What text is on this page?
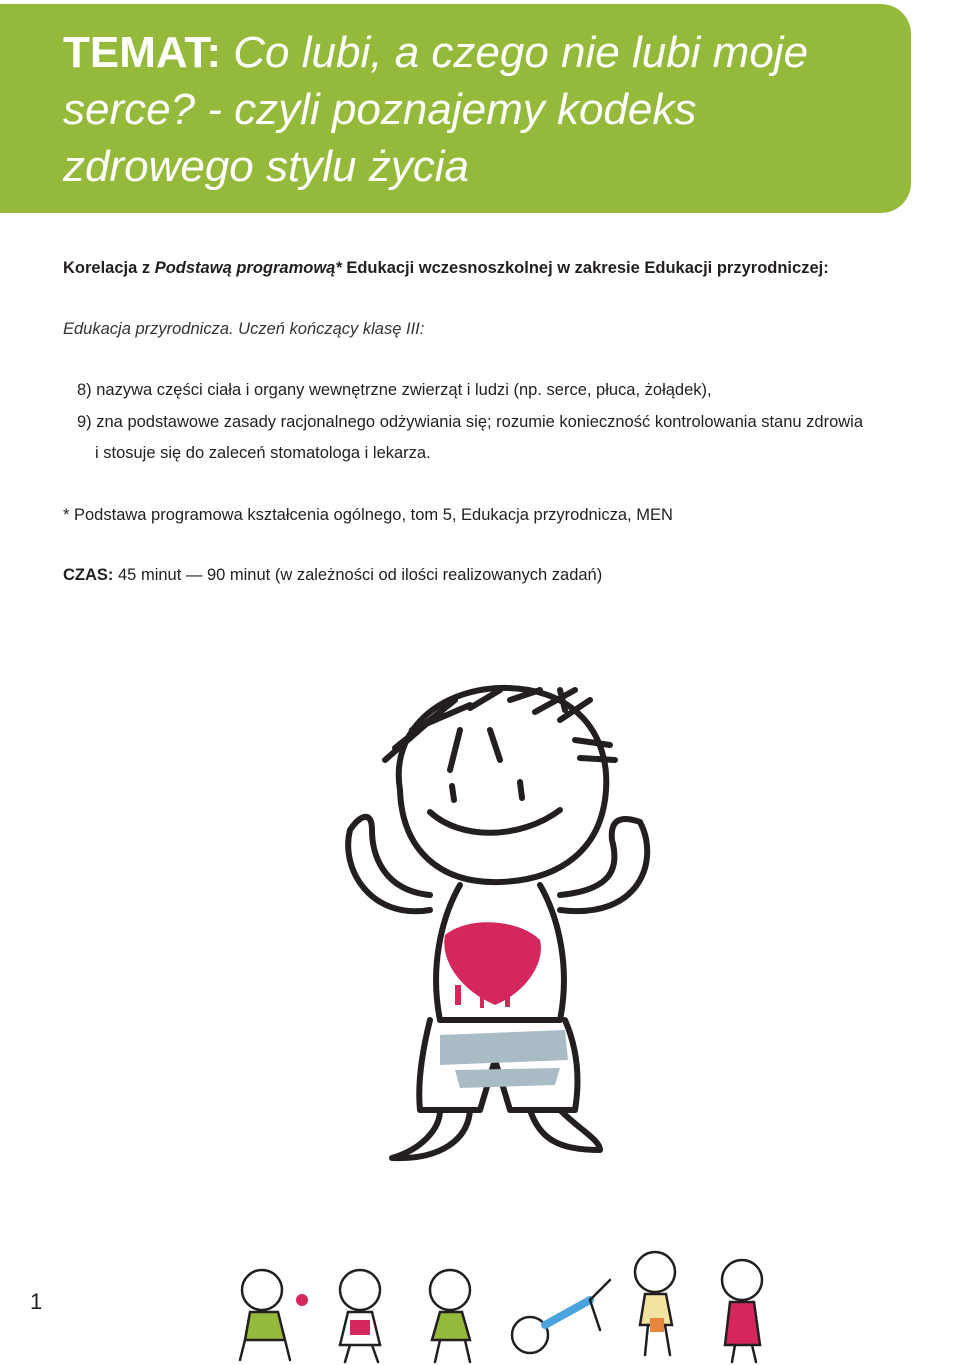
TEMAT: Co lubi, a czego nie lubi moje serce? - czyli poznajemy kodeks zdrowego stylu życia
Korelacja z Podstawą programową* Edukacji wczesnoszkolnej w zakresie Edukacji przyrodniczej:
Edukacja przyrodnicza. Uczeń kończący klasę III:
8) nazywa części ciała i organy wewnętrzne zwierząt i ludzi (np. serce, płuca, żołądek),
9) zna podstawowe zasady racjonalnego odżywiania się; rozumie konieczność kontrolowania stanu zdrowia
i stosuje się do zaleceń stomatologa i lekarza.
* Podstawa programowa kształcenia ogólnego, tom 5, Edukacja przyrodnicza, MEN
CZAS: 45 minut — 90 minut (w zależności od ilości realizowanych zadań)
1
